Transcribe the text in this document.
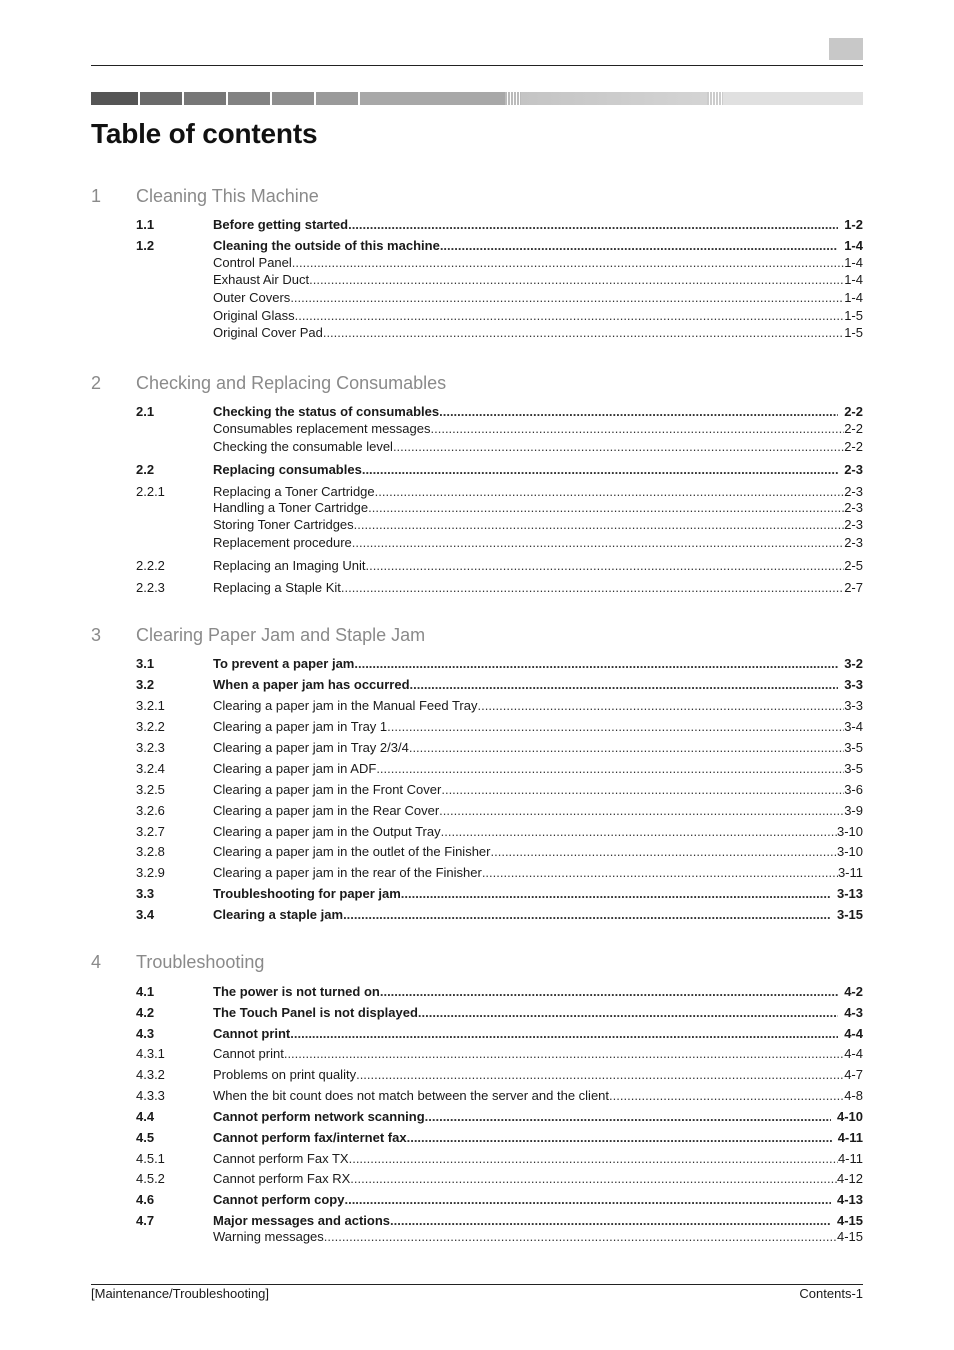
Table of contents
1 Cleaning This Machine
2 Checking and Replacing Consumables
3 Clearing Paper Jam and Staple Jam
4 Troubleshooting
1.1	Before getting started .....	1-2
1.2	Cleaning the outside of this machine .....	1-4
Control Panel .....	1-4
Exhaust Air Duct .....	1-4
Outer Covers .....	1-4
Original Glass .....	1-5
Original Cover Pad .....	1-5
2.1	Checking the status of consumables .....	2-2
Consumables replacement messages .....	2-2
Checking the consumable level .....	2-2
2.2	Replacing consumables .....	2-3
2.2.1	Replacing a Toner Cartridge .....	2-3
Handling a Toner Cartridge .....	2-3
Storing Toner Cartridges .....	2-3
Replacement procedure .....	2-3
2.2.2	Replacing an Imaging Unit .....	2-5
2.2.3	Replacing a Staple Kit .....	2-7
3.1	To prevent a paper jam .....	3-2
3.2	When a paper jam has occurred .....	3-3
3.2.1	Clearing a paper jam in the Manual Feed Tray .....	3-3
3.2.2	Clearing a paper jam in Tray 1 .....	3-4
3.2.3	Clearing a paper jam in Tray 2/3/4 .....	3-5
3.2.4	Clearing a paper jam in ADF .....	3-5
3.2.5	Clearing a paper jam in the Front Cover .....	3-6
3.2.6	Clearing a paper jam in the Rear Cover .....	3-9
3.2.7	Clearing a paper jam in the Output Tray .....	3-10
3.2.8	Clearing a paper jam in the outlet of the Finisher .....	3-10
3.2.9	Clearing a paper jam in the rear of the Finisher .....	3-11
3.3	Troubleshooting for paper jam .....	3-13
3.4	Clearing a staple jam .....	3-15
4.1	The power is not turned on .....	4-2
4.2	The Touch Panel is not displayed .....	4-3
4.3	Cannot print .....	4-4
4.3.1	Cannot print .....	4-4
4.3.2	Problems on print quality .....	4-7
4.3.3	When the bit count does not match between the server and the client .....	4-8
4.4	Cannot perform network scanning .....	4-10
4.5	Cannot perform fax/internet fax .....	4-11
4.5.1	Cannot perform Fax TX .....	4-11
4.5.2	Cannot perform Fax RX .....	4-12
4.6	Cannot perform copy .....	4-13
4.7	Major messages and actions .....	4-15
Warning messages .....	4-15
[Maintenance/Troubleshooting]	Contents-1
